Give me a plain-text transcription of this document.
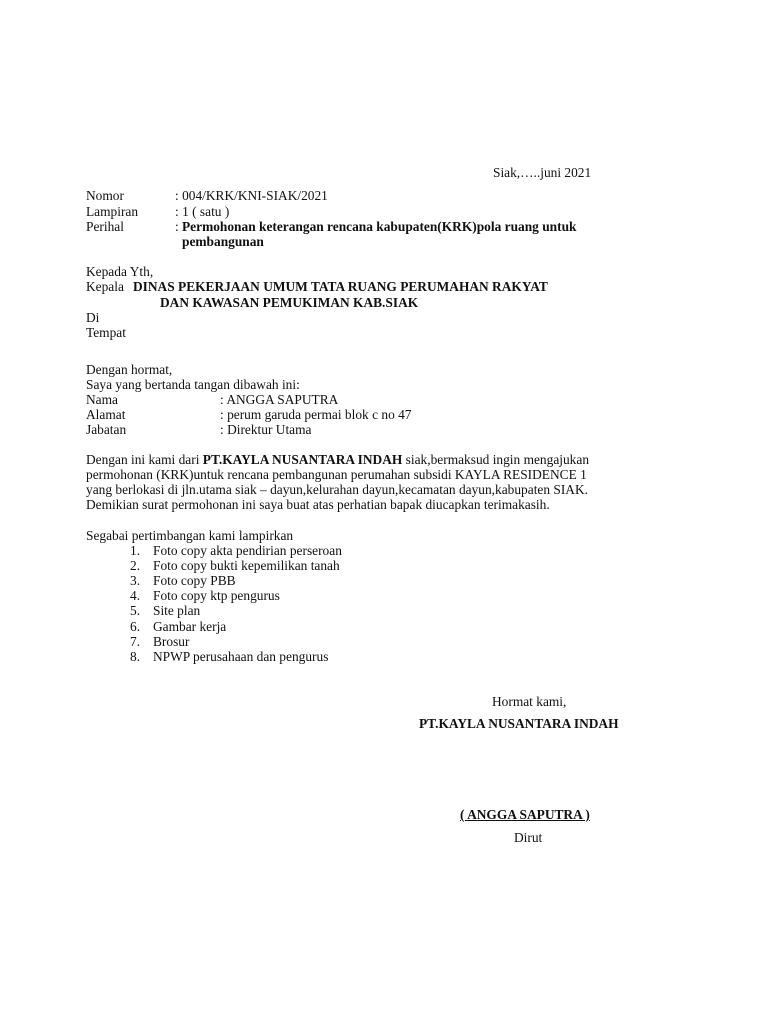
Siak,…..juni 2021
Nomor	: 004/KRK/KNI-SIAK/2021
Lampiran	: 1 ( satu )
Perihal	: Permohonan keterangan rencana kabupaten(KRK)pola ruang untuk
pembangunan
Kepada Yth,
Kepala DINAS PEKERJAAN UMUM TATA RUANG PERUMAHAN RAKYAT
DAN KAWASAN PEMUKIMAN KAB.SIAK
Di
Tempat
Dengan hormat,
Saya yang bertanda tangan dibawah ini:
Nama	: ANGGA SAPUTRA
Alamat	: perum garuda permai blok c no 47
Jabatan	: Direktur Utama
Dengan ini kami dari PT.KAYLA NUSANTARA INDAH siak,bermaksud ingin mengajukan
permohonan (KRK)untuk rencana pembangunan perumahan subsidi KAYLA RESIDENCE 1
yang berlokasi di jln.utama siak – dayun,kelurahan dayun,kecamatan dayun,kabupaten SIAK.
Demikian surat permohonan ini saya buat atas perhatian bapak diucapkan terimakasih.
Segabai pertimbangan kami lampirkan
1. Foto copy akta pendirian perseroan
2. Foto copy bukti kepemilikan tanah
3. Foto copy PBB
4. Foto copy ktp pengurus
5. Site plan
6. Gambar kerja
7. Brosur
8. NPWP perusahaan dan pengurus
Hormat kami,
PT.KAYLA NUSANTARA INDAH
( ANGGA SAPUTRA )
Dirut
